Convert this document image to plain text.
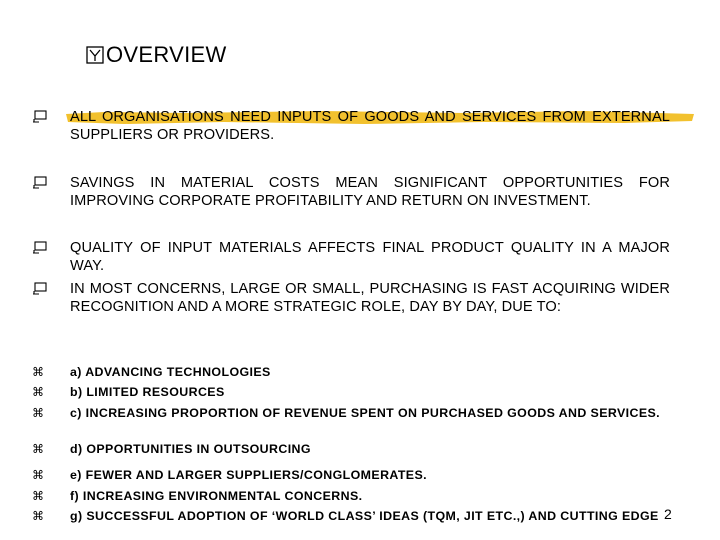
OVERVIEW
ALL ORGANISATIONS NEED INPUTS OF GOODS AND SERVICES FROM EXTERNAL SUPPLIERS OR PROVIDERS.
SAVINGS IN MATERIAL COSTS MEAN SIGNIFICANT OPPORTUNITIES FOR IMPROVING CORPORATE PROFITABILITY AND RETURN ON INVESTMENT.
QUALITY OF INPUT MATERIALS AFFECTS FINAL PRODUCT QUALITY IN A MAJOR WAY.
IN MOST CONCERNS, LARGE OR SMALL, PURCHASING IS FAST ACQUIRING WIDER RECOGNITION AND A MORE STRATEGIC ROLE, DAY BY DAY, DUE TO:
⌘ a) ADVANCING TECHNOLOGIES
⌘ b) LIMITED RESOURCES
⌘ c) INCREASING PROPORTION OF REVENUE SPENT ON PURCHASED GOODS AND SERVICES.
⌘ d) OPPORTUNITIES IN OUTSOURCING
⌘ e) FEWER AND LARGER SUPPLIERS/CONGLOMERATES.
⌘ f) INCREASING ENVIRONMENTAL CONCERNS.
⌘ g) SUCCESSFUL ADOPTION OF ‘WORLD CLASS’ IDEAS (TQM, JIT ETC.,) AND CUTTING EDGE 2
